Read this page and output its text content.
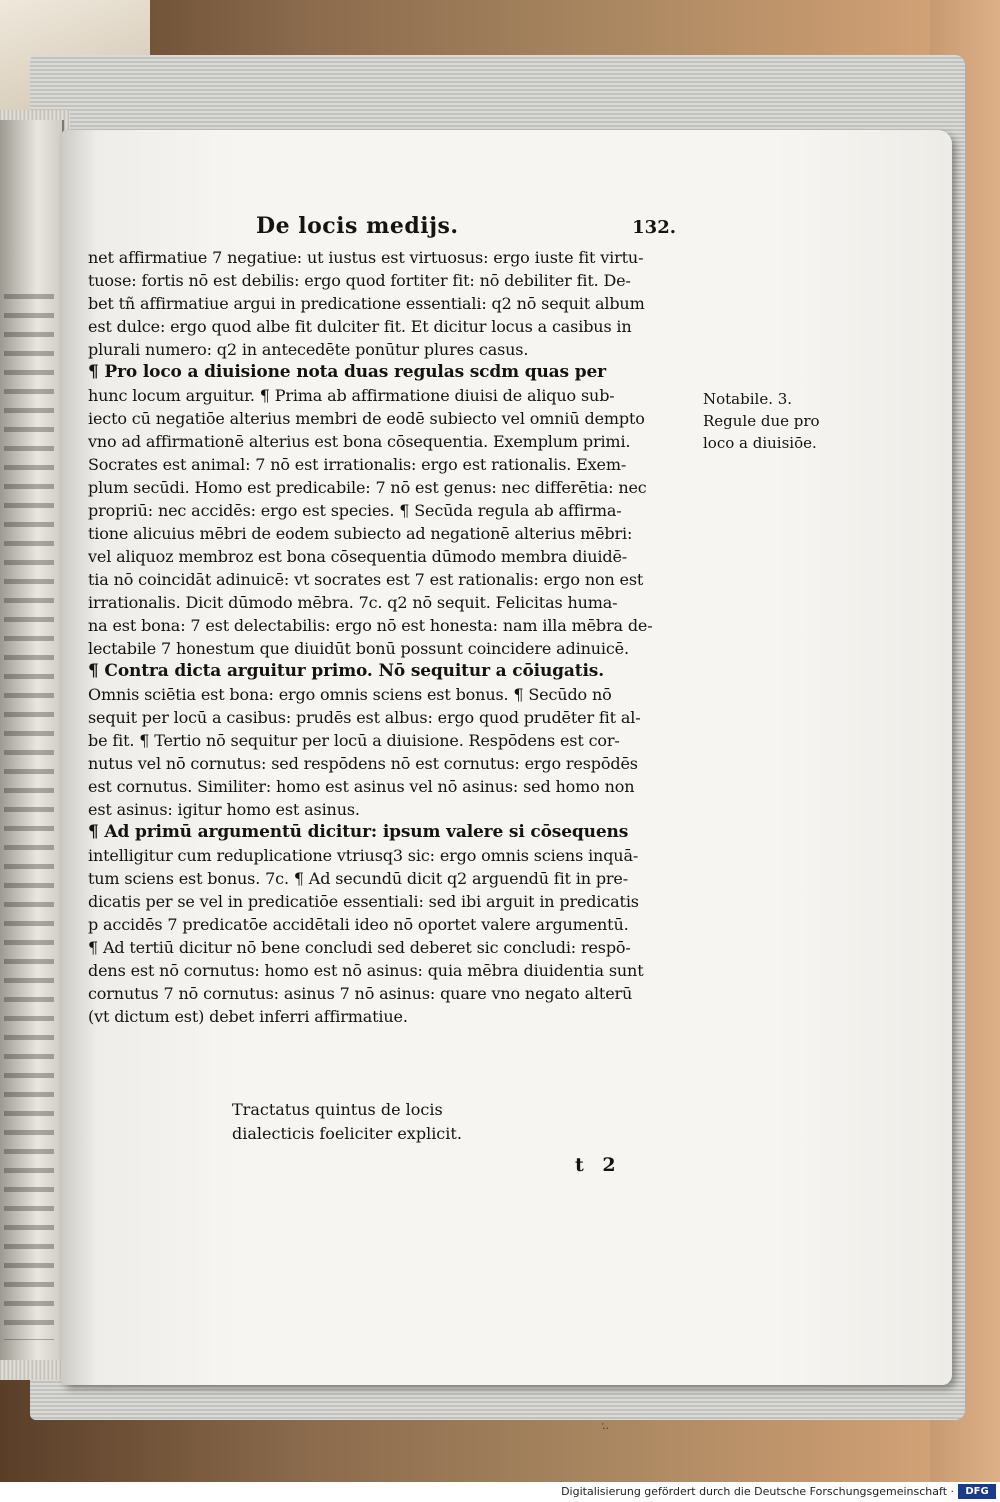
De locis medijs.	132.
net affirmatiue 7 negatiue: ut iustus est virtuosus: ergo iuste fit virtu-
tuose: fortis nō est debilis: ergo quod fortiter fit: nō debiliter fit. De-
bet tñ affirmatiue argui in predicatione essentiali: q2 nō sequit album
est dulce: ergo quod albe fit dulciter fit. Et dicitur locus a casibus in
plurali numero: q2 in antecedēte ponūtur plures casus.
¶ Pro loco a diuisione nota duas regulas scdm quas per
hunc locum arguitur. ¶ Prima ab affirmatione diuisi de aliquo sub-
iecto cū negatiōe alterius membri de eodē subiecto vel omniū dempto
vno ad affirmationē alterius est bona cōsequentia. Exemplum primi.
Socrates est animal: 7 nō est irrationalis: ergo est rationalis. Exem-
plum secūdi. Homo est predicabile: 7 nō est genus: nec differētia: nec
propriū: nec accidēs: ergo est species. ¶ Secūda regula ab affirma-
tione alicuius mēbri de eodem subiecto ad negationē alterius mēbri:
vel aliquoz membroz est bona cōsequentia dūmodo membra diuidē-
tia nō coincidāt adinuicē: vt socrates est 7 est rationalis: ergo non est
irrationalis. Dicit dūmodo mēbra. 7c. q2 nō sequit. Felicitas huma-
na est bona: 7 est delectabilis: ergo nō est honesta: nam illa mēbra de-
lectabile 7 honestum que diuidūt bonū possunt coincidere adinuicē.
¶ Contra dicta arguitur primo. Nō sequitur a cōiugatis.
Omnis sciētia est bona: ergo omnis sciens est bonus. ¶ Secūdo nō
sequit per locū a casibus: prudēs est albus: ergo quod prudēter fit al-
be fit. ¶ Tertio nō sequitur per locū a diuisione. Respōdens est cor-
nutus vel nō cornutus: sed respōdens nō est cornutus: ergo respōdēs
est cornutus. Similiter: homo est asinus vel nō asinus: sed homo non
est asinus: igitur homo est asinus.
¶ Ad primū argumentū dicitur: ipsum valere si cōsequens
intelligitur cum reduplicatione vtriusq3 sic: ergo omnis sciens inquā-
tum sciens est bonus. 7c. ¶ Ad secundū dicit q2 arguendū fit in pre-
dicatis per se vel in predicatiōe essentiali: sed ibi arguit in predicatis
p accidēs 7 predicatōe accidētali ideo nō oportet valere argumentū.
¶ Ad tertiū dicitur nō bene concludi sed deberet sic concludi: respō-
dens est nō cornutus: homo est nō asinus: quia mēbra diuidentia sunt
cornutus 7 nō cornutus: asinus 7 nō asinus: quare vno negato alterū
(vt dictum est) debet inferri affirmatiue.
Notabile. 3.
Regule due pro
loco a diuisiōe.
Tractatus quintus de locis
dialecticis foeliciter explicit.
t 2
·̇·
Digitalisierung gefördert durch die Deutsche Forschungsgemeinschaft ·	DFG
